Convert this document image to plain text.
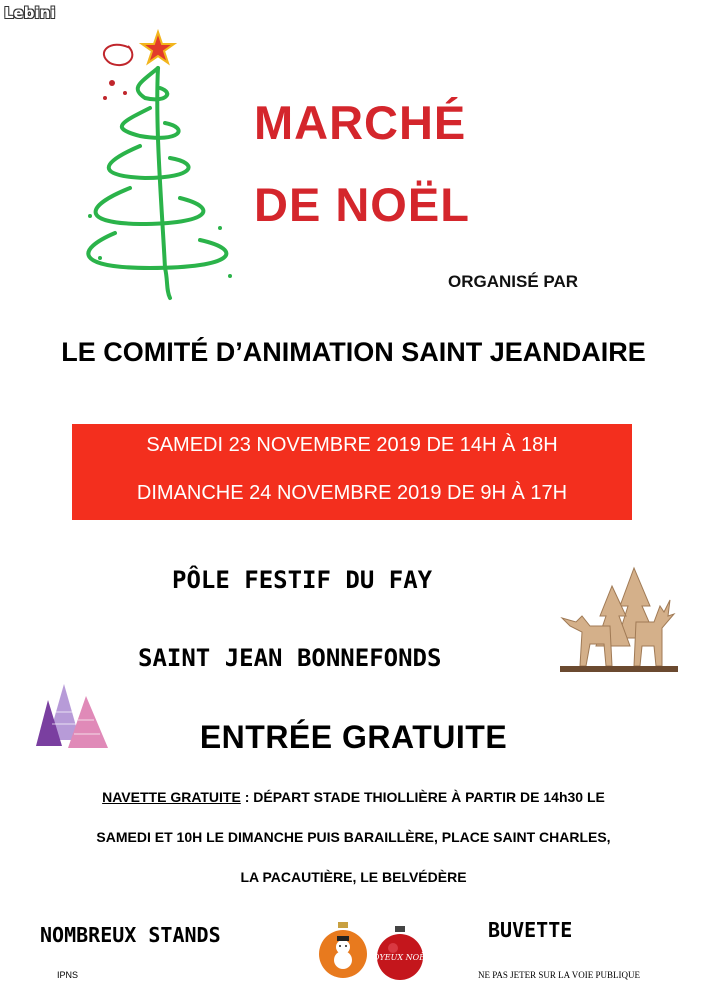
Lebini
MARCHÉ
DE NOËL
ORGANISÉ PAR
LE COMITÉ D’ANIMATION SAINT JEANDAIRE
SAMEDI 23 NOVEMBRE 2019 DE 14H À 18H
DIMANCHE 24 NOVEMBRE 2019 DE 9H À 17H
PÔLE FESTIF DU FAY
SAINT JEAN BONNEFONDS
ENTRÉE GRATUITE
NAVETTE GRATUITE : DÉPART STADE THIOLLIÈRE À PARTIR DE 14h30 LE
SAMEDI ET 10H LE DIMANCHE PUIS BARAILLÈRE, PLACE SAINT CHARLES,
LA PACAUTIÈRE, LE BELVÉDÈRE
NOMBREUX STANDS	BUVETTE
JOYEUX NOËL
IPNS	NE PAS JETER SUR LA VOIE PUBLIQUE
